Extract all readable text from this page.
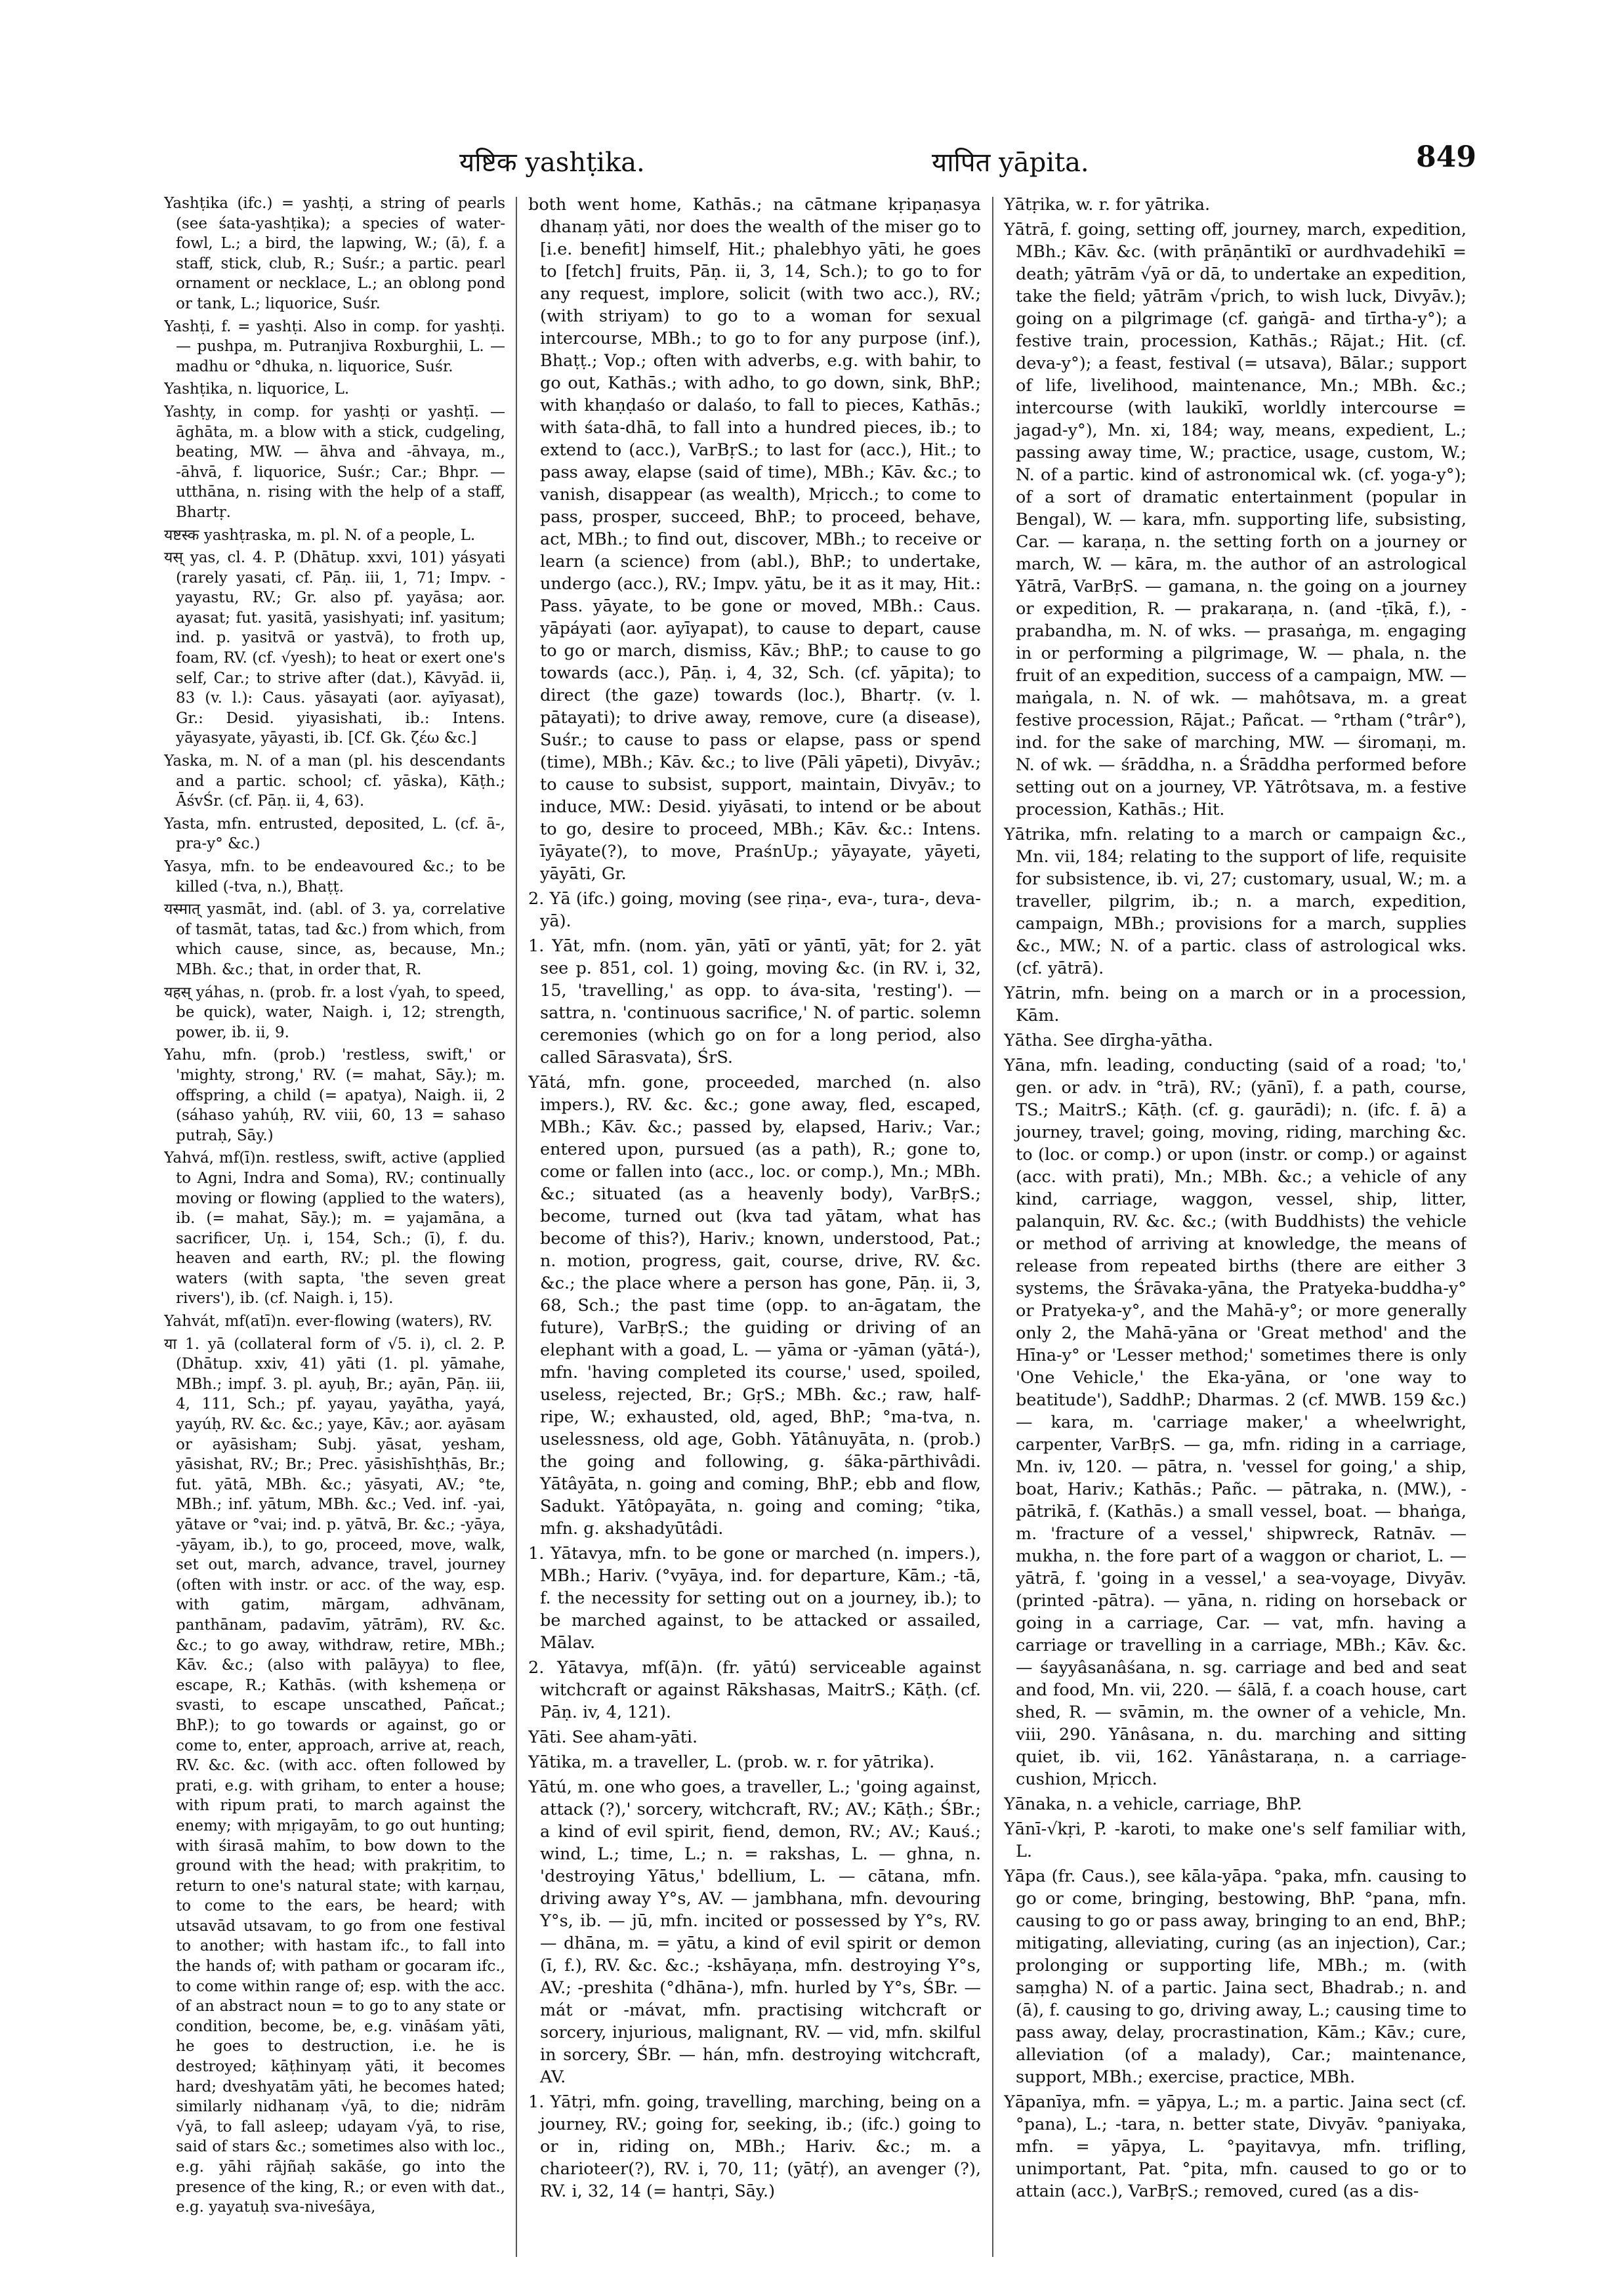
यष्टिक yashṭika.	यापित yāpita.	849

Yashṭika (ifc.) = yashṭi, a string of pearls (see śata-yashṭika); a species of water-fowl, L.; a bird, the lapwing, W.; (ā), f. a staff, stick, club, R.; Suśr.; a partic. pearl ornament or necklace, L.; an oblong pond or tank, L.; liquorice, Suśr.

Yashṭi, f. = yashṭi. Also in comp. for yashṭi. — pushpa, m. Putranjiva Roxburghii, L. — madhu or °dhuka, n. liquorice, Suśr.

Yashṭika, n. liquorice, L.

Yashṭy, in comp. for yashṭi or yashṭī. — āghāta, m. a blow with a stick, cudgeling, beating, MW. — āhva and -āhvaya, m., -āhvā, f. liquorice, Suśr.; Car.; Bhpr. — utthāna, n. rising with the help of a staff, Bhartṛ.

यष्टस्क yashṭraska, m. pl. N. of a people, L.

यस् yas, cl. 4. P. (Dhātup. xxvi, 101) yásyati (rarely yasati, cf. Pāṇ. iii, 1, 71; Impv. -yayastu, RV.; Gr. also pf. yayāsa; aor. ayasat; fut. yasitā, yasishyati; inf. yasitum; ind. p. yasitvā or yastvā), to froth up, foam, RV. (cf. √yesh); to heat or exert one's self, Car.; to strive after (dat.), Kāvyād. ii, 83 (v. l.): Caus. yāsayati (aor. ayīyasat), Gr.: Desid. yiyasishati, ib.: Intens. yāyasyate, yāyasti, ib. [Cf. Gk. ζέω &c.]

Yaska, m. N. of a man (pl. his descendants and a partic. school; cf. yāska), Kāṭh.; ĀśvŚr. (cf. Pāṇ. ii, 4, 63).

Yasta, mfn. entrusted, deposited, L. (cf. ā-, pra-y° &c.)

Yasya, mfn. to be endeavoured &c.; to be killed (-tva, n.), Bhaṭṭ.

यस्मात् yasmāt, ind. (abl. of 3. ya, correlative of tasmāt, tatas, tad &c.) from which, from which cause, since, as, because, Mn.; MBh. &c.; that, in order that, R.

यहस् yáhas, n. (prob. fr. a lost √yah, to speed, be quick), water, Naigh. i, 12; strength, power, ib. ii, 9.

Yahu, mfn. (prob.) 'restless, swift,' or 'mighty, strong,' RV. (= mahat, Sāy.); m. offspring, a child (= apatya), Naigh. ii, 2 (sáhaso yahúḥ, RV. viii, 60, 13 = sahaso putraḥ, Sāy.)

Yahvá, mf(ī)n. restless, swift, active (applied to Agni, Indra and Soma), RV.; continually moving or flowing (applied to the waters), ib. (= mahat, Sāy.); m. = yajamāna, a sacrificer, Uṇ. i, 154, Sch.; (ī), f. du. heaven and earth, RV.; pl. the flowing waters (with sapta, 'the seven great rivers'), ib. (cf. Naigh. i, 15).

Yahvát, mf(atī)n. ever-flowing (waters), RV.

या 1. yā (collateral form of √5. i), cl. 2. P. (Dhātup. xxiv, 41) yāti (1. pl. yāmahe, MBh.; impf. 3. pl. ayuḥ, Br.; ayān, Pāṇ. iii, 4, 111, Sch.; pf. yayau, yayātha, yayá, yayúḥ, RV. &c. &c.; yaye, Kāv.; aor. ayāsam or ayāsisham; Subj. yāsat, yesham, yāsishat, RV.; Br.; Prec. yāsishīshṭhās, Br.; fut. yātā, MBh. &c.; yāsyati, AV.; °te, MBh.; inf. yātum, MBh. &c.; Ved. inf. -yai, yātave or °vai; ind. p. yātvā, Br. &c.; -yāya, -yāyam, ib.), to go, proceed, move, walk, set out, march, advance, travel, journey (often with instr. or acc. of the way, esp. with gatim, mārgam, adhvānam, panthānam, padavīm, yātrām), RV. &c. &c.; to go away, withdraw, retire, MBh.; Kāv. &c.; (also with palāyya) to flee, escape, R.; Kathās. (with kshemeṇa or svasti, to escape unscathed, Pañcat.; BhP.); to go towards or against, go or come to, enter, approach, arrive at, reach, RV. &c. &c. (with acc. often followed by prati, e.g. with griham, to enter a house; with ripum prati, to march against the enemy; with mṛigayām, to go out hunting; with śirasā mahīm, to bow down to the ground with the head; with prakṛitim, to return to one's natural state; with karṇau, to come to the ears, be heard; with utsavād utsavam, to go from one festival to another; with hastam ifc., to fall into the hands of; with patham or gocaram ifc., to come within range of; esp. with the acc. of an abstract noun = to go to any state or condition, become, be, e.g. vināśam yāti, he goes to destruction, i.e. he is destroyed; kāṭhinyaṃ yāti, it becomes hard; dveshyatām yāti, he becomes hated; similarly nidhanaṃ √yā, to die; nidrām √yā, to fall asleep; udayam √yā, to rise, said of stars &c.; sometimes also with loc., e.g. yāhi rājñaḥ sakāśe, go into the presence of the king, R.; or even with dat., e.g. yayatuḥ sva-niveśāya,

both went home, Kathās.; na cātmane kṛipaṇasya dhanaṃ yāti, nor does the wealth of the miser go to [i.e. benefit] himself, Hit.; phalebhyo yāti, he goes to [fetch] fruits, Pāṇ. ii, 3, 14, Sch.); to go to for any request, implore, solicit (with two acc.), RV.; (with striyam) to go to a woman for sexual intercourse, MBh.; to go to for any purpose (inf.), Bhaṭṭ.; Vop.; often with adverbs, e.g. with bahir, to go out, Kathās.; with adho, to go down, sink, BhP.; with khaṇḍaśo or dalaśo, to fall to pieces, Kathās.; with śata-dhā, to fall into a hundred pieces, ib.; to extend to (acc.), VarBṛS.; to last for (acc.), Hit.; to pass away, elapse (said of time), MBh.; Kāv. &c.; to vanish, disappear (as wealth), Mṛicch.; to come to pass, prosper, succeed, BhP.; to proceed, behave, act, MBh.; to find out, discover, MBh.; to receive or learn (a science) from (abl.), BhP.; to undertake, undergo (acc.), RV.; Impv. yātu, be it as it may, Hit.: Pass. yāyate, to be gone or moved, MBh.: Caus. yāpáyati (aor. ayīyapat), to cause to depart, cause to go or march, dismiss, Kāv.; BhP.; to cause to go towards (acc.), Pāṇ. i, 4, 32, Sch. (cf. yāpita); to direct (the gaze) towards (loc.), Bhartṛ. (v. l. pātayati); to drive away, remove, cure (a disease), Suśr.; to cause to pass or elapse, pass or spend (time), MBh.; Kāv. &c.; to live (Pāli yāpeti), Divyāv.; to cause to subsist, support, maintain, Divyāv.; to induce, MW.: Desid. yiyāsati, to intend or be about to go, desire to proceed, MBh.; Kāv. &c.: Intens. īyāyate(?), to move, PraśnUp.; yāyayate, yāyeti, yāyāti, Gr.

2. Yā (ifc.) going, moving (see ṛiṇa-, eva-, tura-, deva-yā).

1. Yāt, mfn. (nom. yān, yātī or yāntī, yāt; for 2. yāt see p. 851, col. 1) going, moving &c. (in RV. i, 32, 15, 'travelling,' as opp. to áva-sita, 'resting'). — sattra, n. 'continuous sacrifice,' N. of partic. solemn ceremonies (which go on for a long period, also called Sārasvata), ŚrS.

Yātá, mfn. gone, proceeded, marched (n. also impers.), RV. &c. &c.; gone away, fled, escaped, MBh.; Kāv. &c.; passed by, elapsed, Hariv.; Var.; entered upon, pursued (as a path), R.; gone to, come or fallen into (acc., loc. or comp.), Mn.; MBh. &c.; situated (as a heavenly body), VarBṛS.; become, turned out (kva tad yātam, what has become of this?), Hariv.; known, understood, Pat.; n. motion, progress, gait, course, drive, RV. &c. &c.; the place where a person has gone, Pāṇ. ii, 3, 68, Sch.; the past time (opp. to an-āgatam, the future), VarBṛS.; the guiding or driving of an elephant with a goad, L. — yāma or -yāman (yātá-), mfn. 'having completed its course,' used, spoiled, useless, rejected, Br.; GṛS.; MBh. &c.; raw, half-ripe, W.; exhausted, old, aged, BhP.; °ma-tva, n. uselessness, old age, Gobh. Yātânuyāta, n. (prob.) the going and following, g. śāka-pārthivâdi. Yātâyāta, n. going and coming, BhP.; ebb and flow, Sadukt. Yātôpayāta, n. going and coming; °tika, mfn. g. akshadyūtâdi.

1. Yātavya, mfn. to be gone or marched (n. impers.), MBh.; Hariv. (°vyāya, ind. for departure, Kām.; -tā, f. the necessity for setting out on a journey, ib.); to be marched against, to be attacked or assailed, Mālav.

2. Yātavya, mf(ā)n. (fr. yātú) serviceable against witchcraft or against Rākshasas, MaitrS.; Kāṭh. (cf. Pāṇ. iv, 4, 121).

Yāti. See aham-yāti.

Yātika, m. a traveller, L. (prob. w. r. for yātrika).

Yātú, m. one who goes, a traveller, L.; 'going against, attack (?),' sorcery, witchcraft, RV.; AV.; Kāṭh.; ŚBr.; a kind of evil spirit, fiend, demon, RV.; AV.; Kauś.; wind, L.; time, L.; n. = rakshas, L. — ghna, n. 'destroying Yātus,' bdellium, L. — cātana, mfn. driving away Y°s, AV. — jambhana, mfn. devouring Y°s, ib. — jū, mfn. incited or possessed by Y°s, RV. — dhāna, m. = yātu, a kind of evil spirit or demon (ī, f.), RV. &c. &c.; -kshāyaṇa, mfn. destroying Y°s, AV.; -preshita (°dhāna-), mfn. hurled by Y°s, ŚBr. — mát or -mávat, mfn. practising witchcraft or sorcery, injurious, malignant, RV. — vid, mfn. skilful in sorcery, ŚBr. — hán, mfn. destroying witchcraft, AV.

1. Yātṛi, mfn. going, travelling, marching, being on a journey, RV.; going for, seeking, ib.; (ifc.) going to or in, riding on, MBh.; Hariv. &c.; m. a charioteer(?), RV. i, 70, 11; (yātṛ́), an avenger (?), RV. i, 32, 14 (= hantṛi, Sāy.)

Yātṛika, w. r. for yātrika.

Yātrā, f. going, setting off, journey, march, expedition, MBh.; Kāv. &c. (with prāṇāntikī or aurdhvadehikī = death; yātrām √yā or dā, to undertake an expedition, take the field; yātrām √prich, to wish luck, Divyāv.); going on a pilgrimage (cf. gaṅgā- and tīrtha-y°); a festive train, procession, Kathās.; Rājat.; Hit. (cf. deva-y°); a feast, festival (= utsava), Bālar.; support of life, livelihood, maintenance, Mn.; MBh. &c.; intercourse (with laukikī, worldly intercourse = jagad-y°), Mn. xi, 184; way, means, expedient, L.; passing away time, W.; practice, usage, custom, W.; N. of a partic. kind of astronomical wk. (cf. yoga-y°); of a sort of dramatic entertainment (popular in Bengal), W. — kara, mfn. supporting life, subsisting, Car. — karaṇa, n. the setting forth on a journey or march, W. — kāra, m. the author of an astrological Yātrā, VarBṛS. — gamana, n. the going on a journey or expedition, R. — prakaraṇa, n. (and -ṭīkā, f.), -prabandha, m. N. of wks. — prasaṅga, m. engaging in or performing a pilgrimage, W. — phala, n. the fruit of an expedition, success of a campaign, MW. — maṅgala, n. N. of wk. — mahôtsava, m. a great festive procession, Rājat.; Pañcat. — °rtham (°trâr°), ind. for the sake of marching, MW. — śiromaṇi, m. N. of wk. — śrāddha, n. a Śrāddha performed before setting out on a journey, VP. Yātrôtsava, m. a festive procession, Kathās.; Hit.

Yātrika, mfn. relating to a march or campaign &c., Mn. vii, 184; relating to the support of life, requisite for subsistence, ib. vi, 27; customary, usual, W.; m. a traveller, pilgrim, ib.; n. a march, expedition, campaign, MBh.; provisions for a march, supplies &c., MW.; N. of a partic. class of astrological wks. (cf. yātrā).

Yātrin, mfn. being on a march or in a procession, Kām.

Yātha. See dīrgha-yātha.

Yāna, mfn. leading, conducting (said of a road; 'to,' gen. or adv. in °trā), RV.; (yānī), f. a path, course, TS.; MaitrS.; Kāṭh. (cf. g. gaurādi); n. (ifc. f. ā) a journey, travel; going, moving, riding, marching &c. to (loc. or comp.) or upon (instr. or comp.) or against (acc. with prati), Mn.; MBh. &c.; a vehicle of any kind, carriage, waggon, vessel, ship, litter, palanquin, RV. &c. &c.; (with Buddhists) the vehicle or method of arriving at knowledge, the means of release from repeated births (there are either 3 systems, the Śrāvaka-yāna, the Pratyeka-buddha-y° or Pratyeka-y°, and the Mahā-y°; or more generally only 2, the Mahā-yāna or 'Great method' and the Hīna-y° or 'Lesser method;' sometimes there is only 'One Vehicle,' the Eka-yāna, or 'one way to beatitude'), SaddhP.; Dharmas. 2 (cf. MWB. 159 &c.) — kara, m. 'carriage maker,' a wheelwright, carpenter, VarBṛS. — ga, mfn. riding in a carriage, Mn. iv, 120. — pātra, n. 'vessel for going,' a ship, boat, Hariv.; Kathās.; Pañc. — pātraka, n. (MW.), -pātrikā, f. (Kathās.) a small vessel, boat. — bhaṅga, m. 'fracture of a vessel,' shipwreck, Ratnāv. — mukha, n. the fore part of a waggon or chariot, L. — yātrā, f. 'going in a vessel,' a sea-voyage, Divyāv. (printed -pātra). — yāna, n. riding on horseback or going in a carriage, Car. — vat, mfn. having a carriage or travelling in a carriage, MBh.; Kāv. &c. — śayyâsanâśana, n. sg. carriage and bed and seat and food, Mn. vii, 220. — śālā, f. a coach house, cart shed, R. — svāmin, m. the owner of a vehicle, Mn. viii, 290. Yānâsana, n. du. marching and sitting quiet, ib. vii, 162. Yānâstaraṇa, n. a carriage-cushion, Mṛicch.

Yānaka, n. a vehicle, carriage, BhP.

Yānī-√kṛi, P. -karoti, to make one's self familiar with, L.

Yāpa (fr. Caus.), see kāla-yāpa. °paka, mfn. causing to go or come, bringing, bestowing, BhP. °pana, mfn. causing to go or pass away, bringing to an end, BhP.; mitigating, alleviating, curing (as an injection), Car.; prolonging or supporting life, MBh.; m. (with saṃgha) N. of a partic. Jaina sect, Bhadrab.; n. and (ā), f. causing to go, driving away, L.; causing time to pass away, delay, procrastination, Kām.; Kāv.; cure, alleviation (of a malady), Car.; maintenance, support, MBh.; exercise, practice, MBh.

Yāpanīya, mfn. = yāpya, L.; m. a partic. Jaina sect (cf. °pana), L.; -tara, n. better state, Divyāv. °paniyaka, mfn. = yāpya, L. °payitavya, mfn. trifling, unimportant, Pat. °pita, mfn. caused to go or to attain (acc.), VarBṛS.; removed, cured (as a dis-
